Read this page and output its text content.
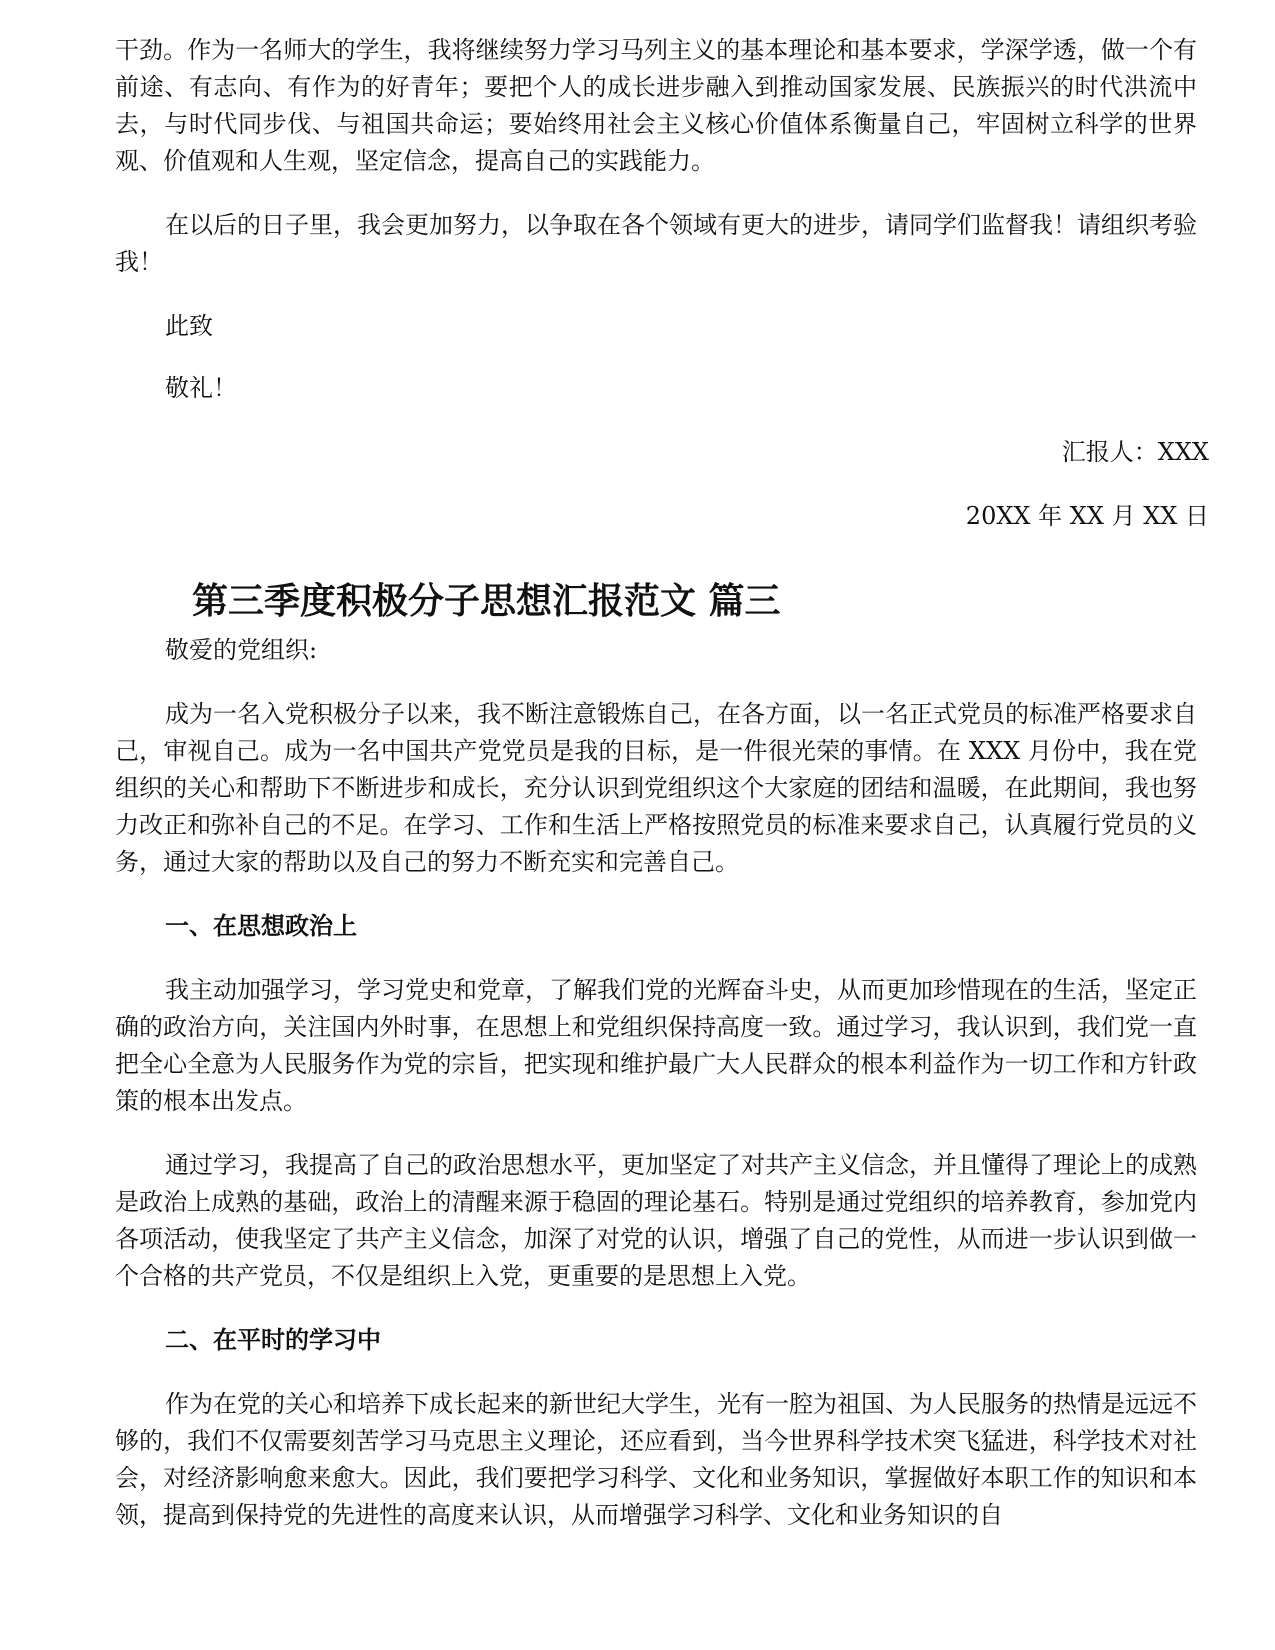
干劲。作为一名师大的学生，我将继续努力学习马列主义的基本理论和基本要求，学深学透，做一个有前途、有志向、有作为的好青年；要把个人的成长进步融入到推动国家发展、民族振兴的时代洪流中去，与时代同步伐、与祖国共命运；要始终用社会主义核心价值体系衡量自己，牢固树立科学的世界观、价值观和人生观，坚定信念，提高自己的实践能力。

在以后的日子里，我会更加努力，以争取在各个领域有更大的进步，请同学们监督我！请组织考验我！

此致

敬礼！

汇报人：XXX

20XX 年 XX 月 XX 日

第三季度积极分子思想汇报范文 篇三

敬爱的党组织:

成为一名入党积极分子以来，我不断注意锻炼自己，在各方面，以一名正式党员的标准严格要求自己，审视自己。成为一名中国共产党党员是我的目标，是一件很光荣的事情。在 XXX 月份中，我在党组织的关心和帮助下不断进步和成长，充分认识到党组织这个大家庭的团结和温暖，在此期间，我也努力改正和弥补自己的不足。在学习、工作和生活上严格按照党员的标准来要求自己，认真履行党员的义务，通过大家的帮助以及自己的努力不断充实和完善自己。

一、在思想政治上

我主动加强学习，学习党史和党章，了解我们党的光辉奋斗史，从而更加珍惜现在的生活，坚定正确的政治方向，关注国内外时事，在思想上和党组织保持高度一致。通过学习，我认识到，我们党一直把全心全意为人民服务作为党的宗旨，把实现和维护最广大人民群众的根本利益作为一切工作和方针政策的根本出发点。

通过学习，我提高了自己的政治思想水平，更加坚定了对共产主义信念，并且懂得了理论上的成熟是政治上成熟的基础，政治上的清醒来源于稳固的理论基石。特别是通过党组织的培养教育，参加党内各项活动，使我坚定了共产主义信念，加深了对党的认识，增强了自己的党性，从而进一步认识到做一个合格的共产党员，不仅是组织上入党，更重要的是思想上入党。

二、在平时的学习中

作为在党的关心和培养下成长起来的新世纪大学生，光有一腔为祖国、为人民服务的热情是远远不够的，我们不仅需要刻苦学习马克思主义理论，还应看到，当今世界科学技术突飞猛进，科学技术对社会，对经济影响愈来愈大。因此，我们要把学习科学、文化和业务知识，掌握做好本职工作的知识和本领，提高到保持党的先进性的高度来认识，从而增强学习科学、文化和业务知识的自
